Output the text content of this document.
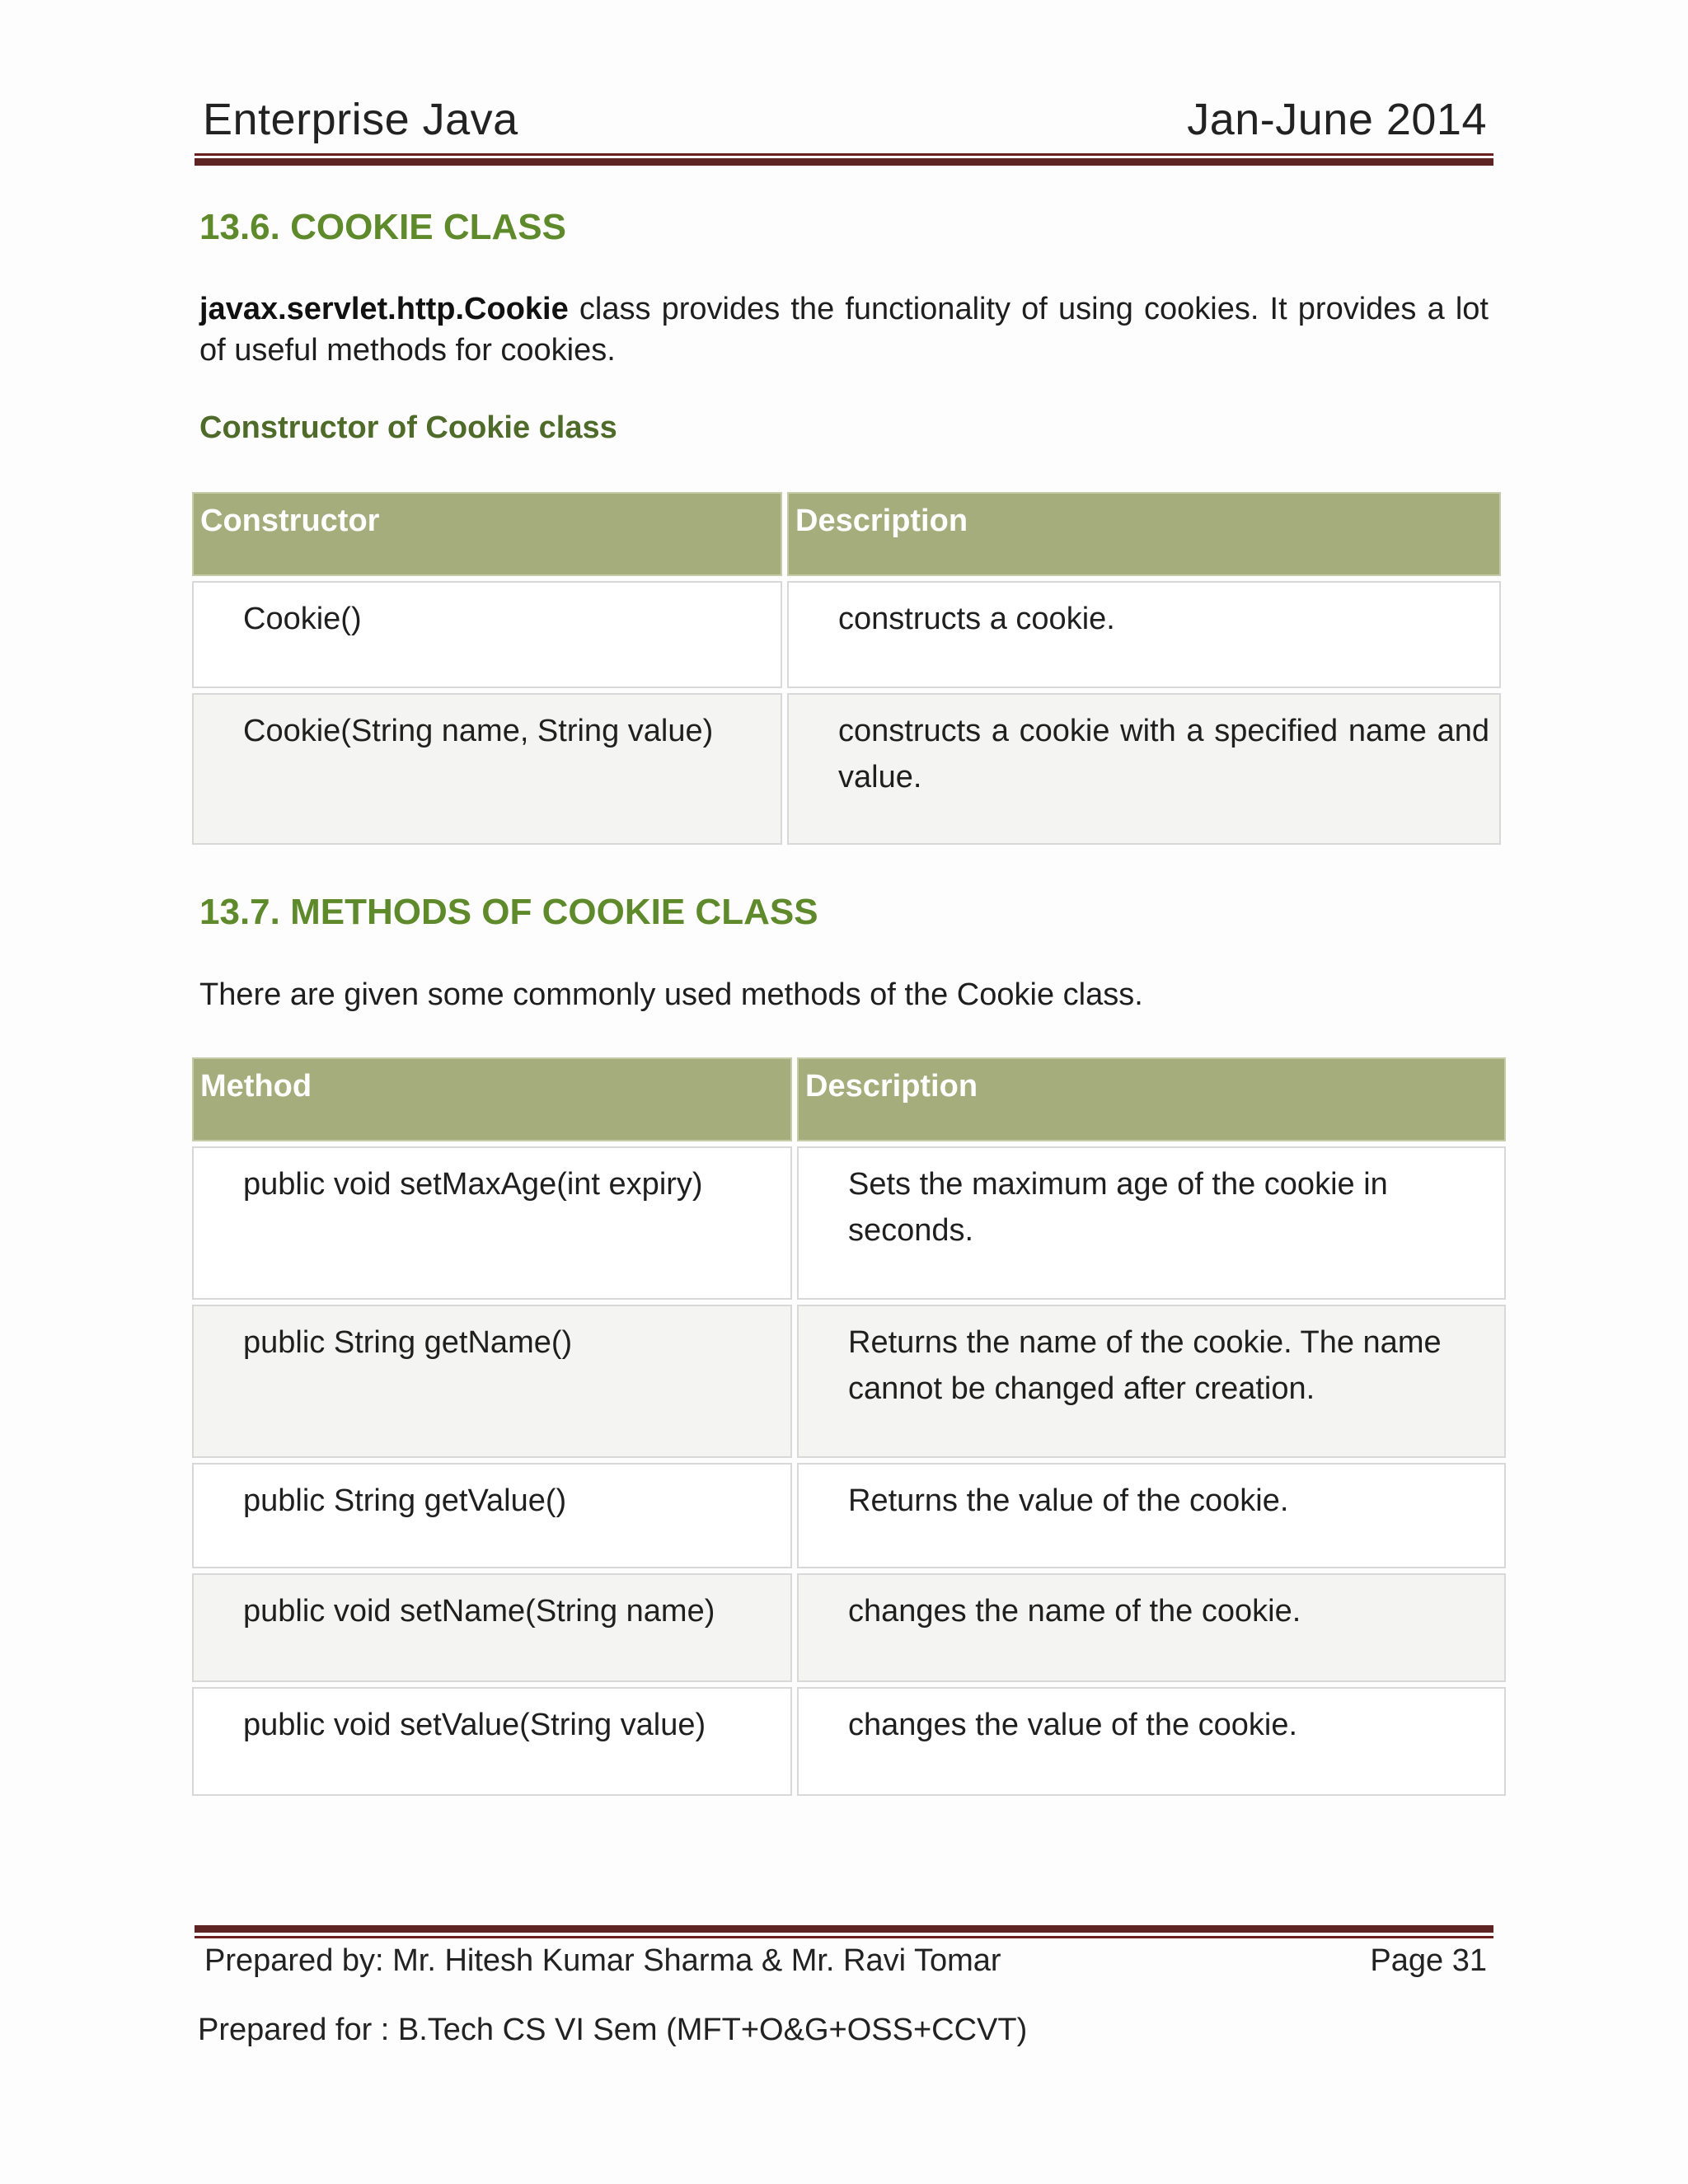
Enterprise Java	Jan-June 2014
13.6. COOKIE CLASS
javax.servlet.http.Cookie class provides the functionality of using cookies. It provides a lot of useful methods for cookies.
Constructor of Cookie class
Constructor	Description
Cookie()	constructs a cookie.
Cookie(String name, String value)	constructs a cookie with a specified name and value.
13.7. METHODS OF COOKIE CLASS
There are given some commonly used methods of the Cookie class.
Method	Description
public void setMaxAge(int expiry)	Sets the maximum age of the cookie in seconds.
public String getName()	Returns the name of the cookie. The name cannot be changed after creation.
public String getValue()	Returns the value of the cookie.
public void setName(String name)	changes the name of the cookie.
public void setValue(String value)	changes the value of the cookie.
Prepared by: Mr. Hitesh Kumar Sharma & Mr. Ravi Tomar	Page 31
Prepared for : B.Tech CS VI Sem (MFT+O&G+OSS+CCVT)
